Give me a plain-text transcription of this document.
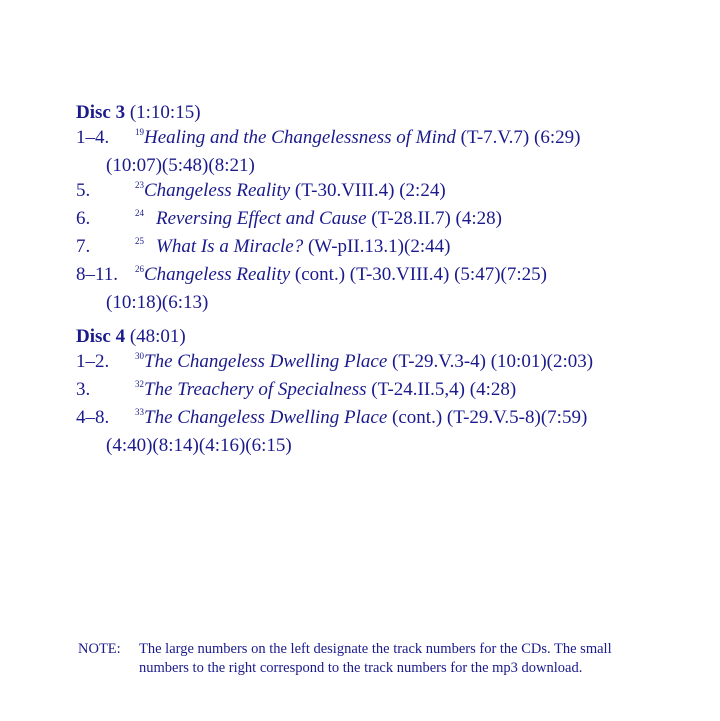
Disc 3 (1:10:15)
1–4.	19Healing and the Changelessness of Mind (T-7.V.7) (6:29)
(10:07)(5:48)(8:21)
5.	23Changeless Reality (T-30.VIII.4) (2:24)
6.	24 Reversing Effect and Cause (T-28.II.7) (4:28)
7.	25 What Is a Miracle? (W-pII.13.1)(2:44)
8–11. 26Changeless Reality (cont.) (T-30.VIII.4) (5:47)(7:25)
(10:18)(6:13)
Disc 4 (48:01)
1–2.	30The Changeless Dwelling Place (T-29.V.3-4) (10:01)(2:03)
3.	32The Treachery of Specialness (T-24.II.5,4) (4:28)
4–8.	33The Changeless Dwelling Place (cont.) (T-29.V.5-8)(7:59)
(4:40)(8:14)(4:16)(6:15)
NOTE: The large numbers on the left designate the track numbers for the CDs. The small
numbers to the right correspond to the track numbers for the mp3 download.
